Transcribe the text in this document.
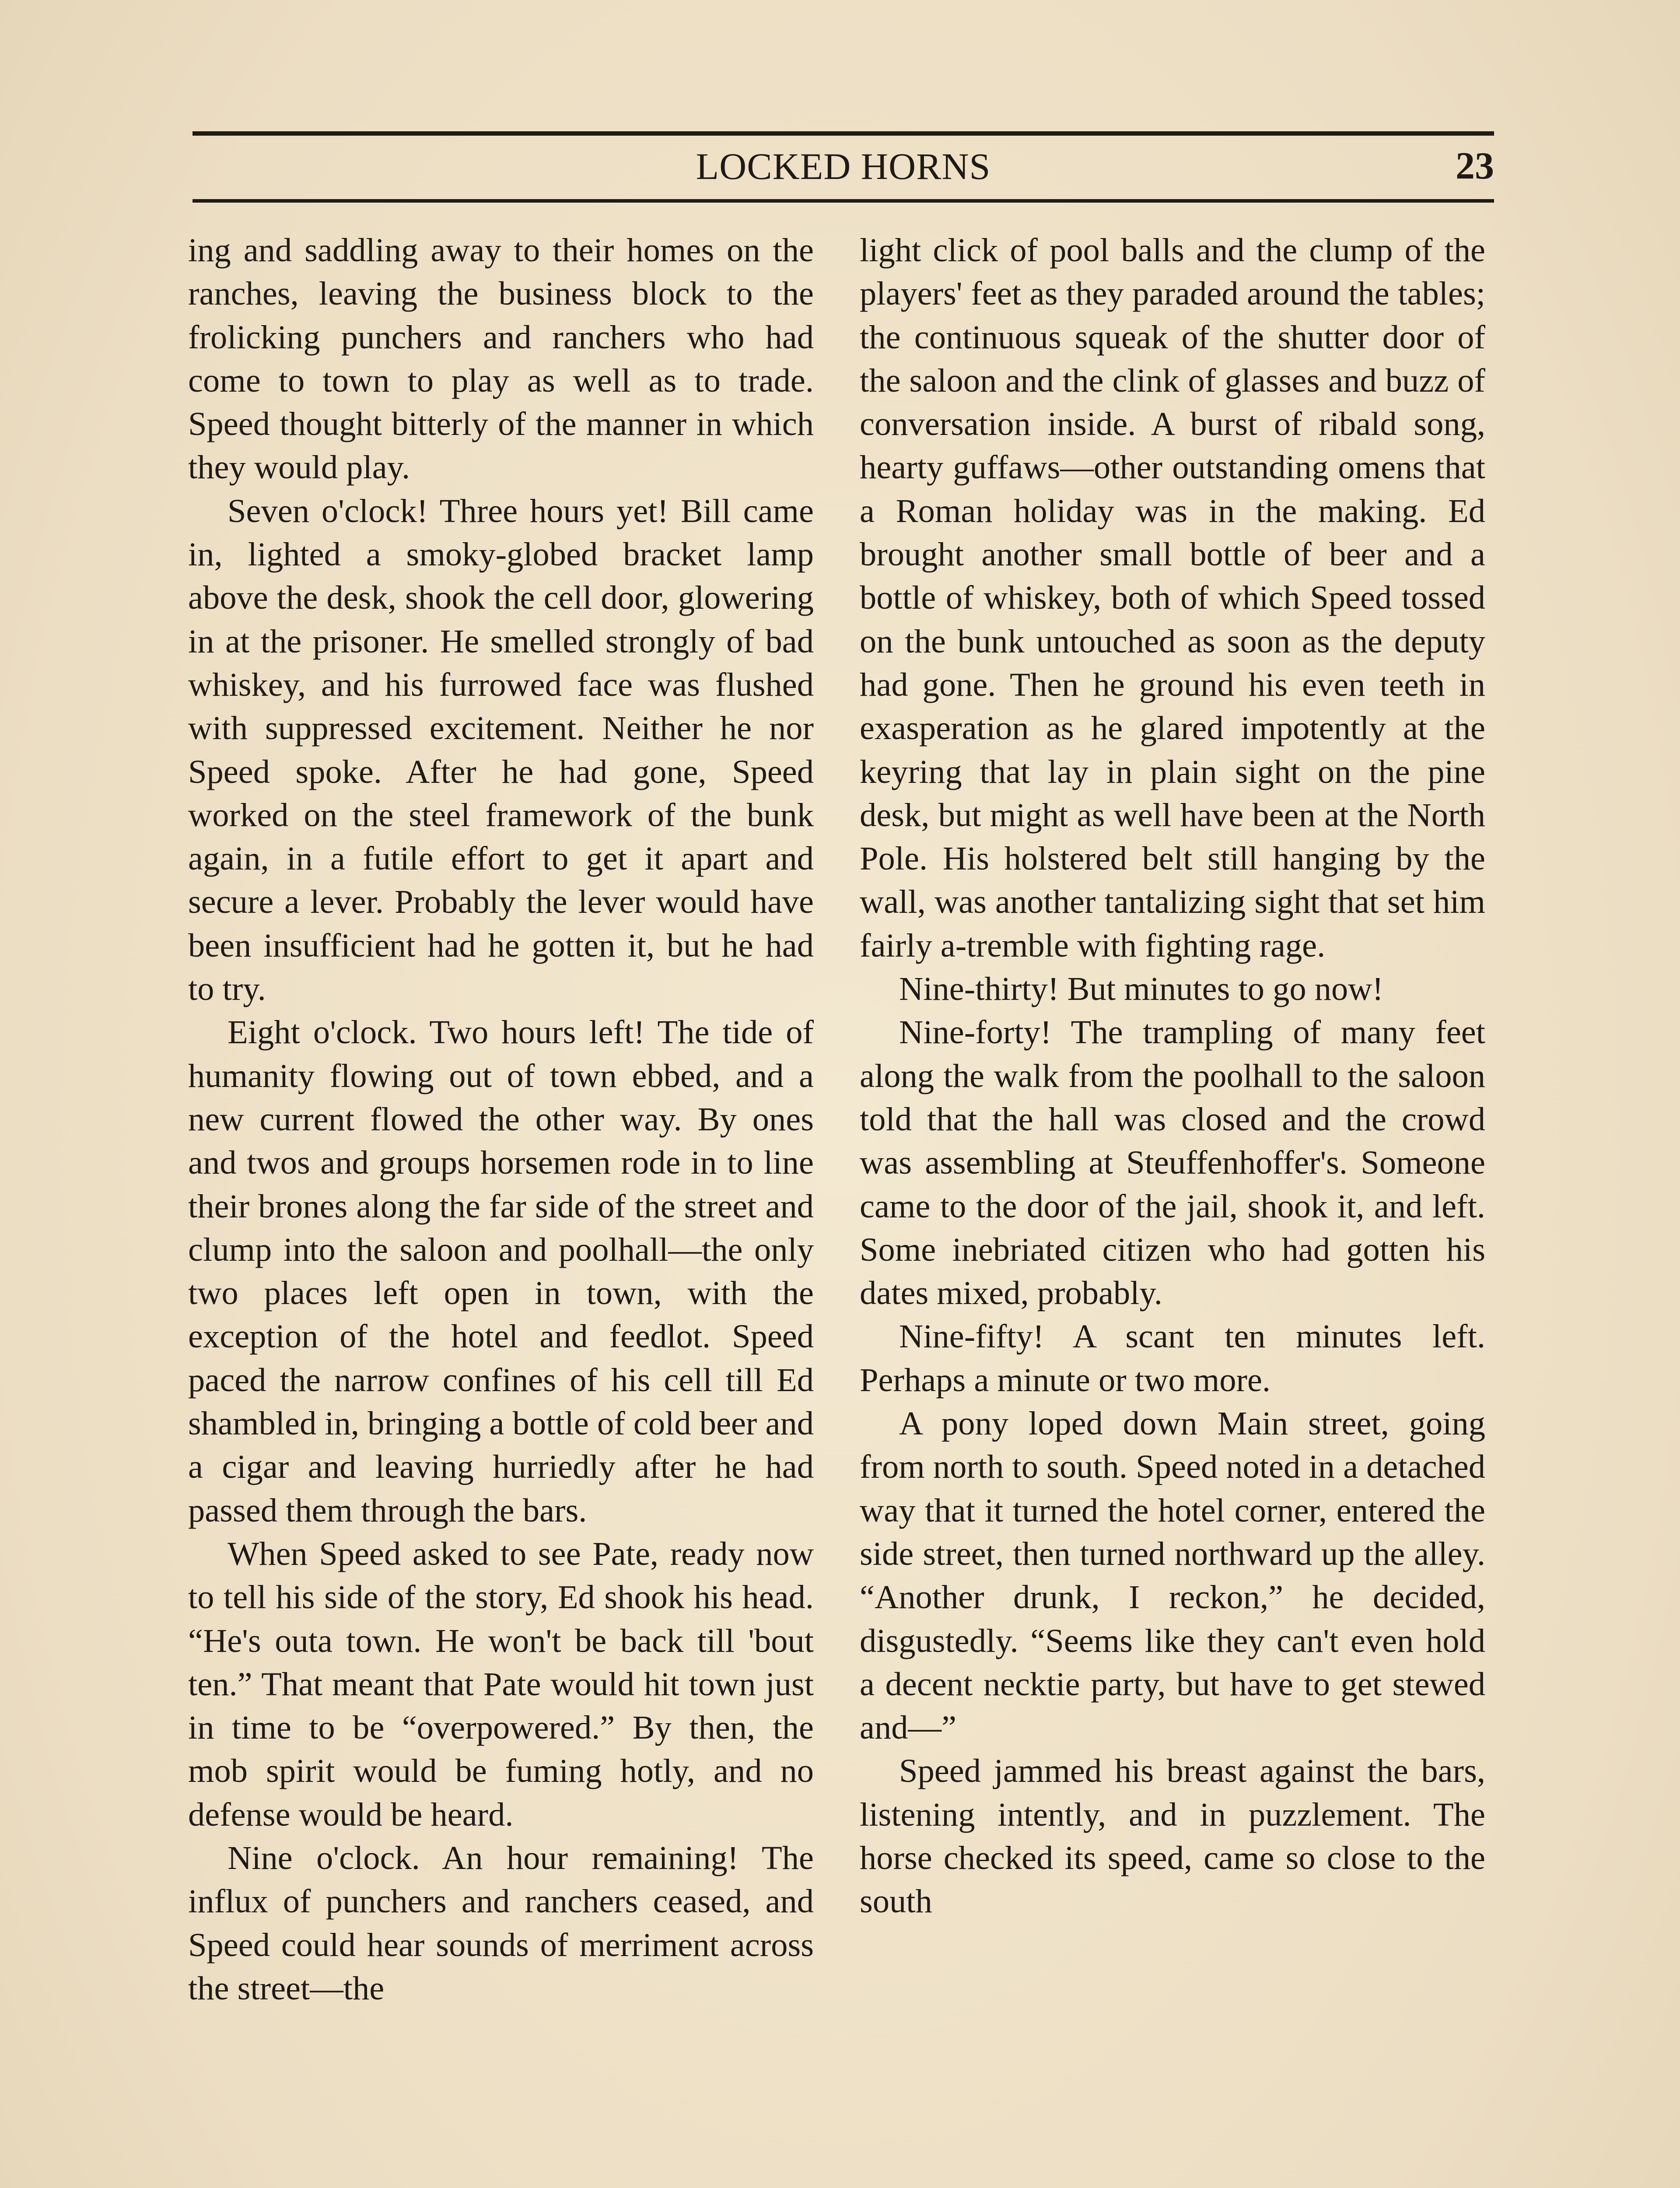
LOCKED HORNS	23

ing and saddling away to their homes on the ranches, leaving the business block to the frolicking punchers and ranchers who had come to town to play as well as to trade. Speed thought bitterly of the manner in which they would play.

Seven o'clock! Three hours yet! Bill came in, lighted a smoky-globed bracket lamp above the desk, shook the cell door, glowering in at the prisoner. He smelled strongly of bad whiskey, and his furrowed face was flushed with suppressed excitement. Neither he nor Speed spoke. After he had gone, Speed worked on the steel framework of the bunk again, in a futile effort to get it apart and secure a lever. Probably the lever would have been insufficient had he gotten it, but he had to try.

Eight o'clock. Two hours left! The tide of humanity flowing out of town ebbed, and a new current flowed the other way. By ones and twos and groups horsemen rode in to line their brones along the far side of the street and clump into the saloon and poolhall—the only two places left open in town, with the exception of the hotel and feedlot. Speed paced the narrow confines of his cell till Ed shambled in, bringing a bottle of cold beer and a cigar and leaving hurriedly after he had passed them through the bars.

When Speed asked to see Pate, ready now to tell his side of the story, Ed shook his head. “He's outa town. He won't be back till 'bout ten.” That meant that Pate would hit town just in time to be “overpowered.” By then, the mob spirit would be fuming hotly, and no defense would be heard.

Nine o'clock. An hour remaining! The influx of punchers and ranchers ceased, and Speed could hear sounds of merriment across the street—the

light click of pool balls and the clump of the players' feet as they paraded around the tables; the continuous squeak of the shutter door of the saloon and the clink of glasses and buzz of conversation inside. A burst of ribald song, hearty guffaws—other outstanding omens that a Roman holiday was in the making. Ed brought another small bottle of beer and a bottle of whiskey, both of which Speed tossed on the bunk untouched as soon as the deputy had gone. Then he ground his even teeth in exasperation as he glared impotently at the keyring that lay in plain sight on the pine desk, but might as well have been at the North Pole. His holstered belt still hanging by the wall, was another tantalizing sight that set him fairly a-tremble with fighting rage.

Nine-thirty! But minutes to go now!

Nine-forty! The trampling of many feet along the walk from the poolhall to the saloon told that the hall was closed and the crowd was assembling at Steuffenhoffer's. Someone came to the door of the jail, shook it, and left. Some inebriated citizen who had gotten his dates mixed, probably.

Nine-fifty! A scant ten minutes left. Perhaps a minute or two more.

A pony loped down Main street, going from north to south. Speed noted in a detached way that it turned the hotel corner, entered the side street, then turned northward up the alley. “Another drunk, I reckon,” he decided, disgustedly. “Seems like they can't even hold a decent necktie party, but have to get stewed and—”

Speed jammed his breast against the bars, listening intently, and in puzzlement. The horse checked its speed, came so close to the south
